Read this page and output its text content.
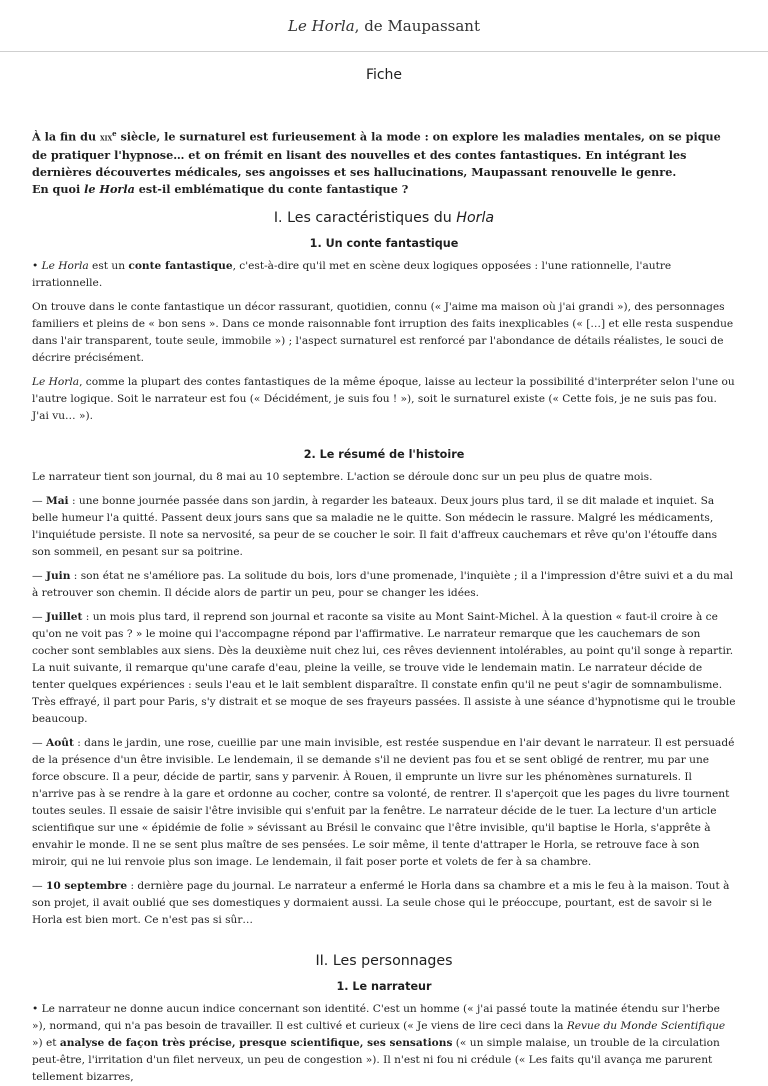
Le Horla , de Maupassant
Fiche
À la fin du xix$^e$ siècle, le surnaturel est furieusement à la mode : on explore les maladies mentales, on se pique de pratiquer l'hypnose… et on frémit en lisant des nouvelles et des contes fantastiques. En intégrant les dernières découvertes médicales, ses angoisses et ses hallucinations, Maupassant renouvelle le genre.
En quoi le Horla est-il emblématique du conte fantastique ?
I. Les caractéristiques du Horla
1. Un conte fantastique

• Le Horla est un conte fantastique, c'est-à-dire qu'il met en scène deux logiques opposées : l'une rationnelle, l'autre irrationnelle.

On trouve dans le conte fantastique un décor rassurant, quotidien, connu (« J'aime ma maison où j'ai grandi »), des personnages familiers et pleins de « bon sens ». Dans ce monde raisonnable font irruption des faits inexplicables (« […] et elle resta suspendue dans l'air transparent, toute seule, immobile ») ; l'aspect surnaturel est renforcé par l'abondance de détails réalistes, le souci de décrire précisément.

Le Horla, comme la plupart des contes fantastiques de la même époque, laisse au lecteur la possibilité d'interpréter selon l'une ou l'autre logique. Soit le narrateur est fou (« Décidément, je suis fou ! »), soit le surnaturel existe (« Cette fois, je ne suis pas fou. J'ai vu… »).

2. Le résumé de l'histoire

Le narrateur tient son journal, du 8 mai au 10 septembre. L'action se déroule donc sur un peu plus de quatre mois.

— Mai : une bonne journée passée dans son jardin, à regarder les bateaux. Deux jours plus tard, il se dit malade et inquiet. Sa belle humeur l'a quitté. Passent deux jours sans que sa maladie ne le quitte. Son médecin le rassure. Malgré les médicaments, l'inquiétude persiste. Il note sa nervosité, sa peur de se coucher le soir. Il fait d'affreux cauchemars et rêve qu'on l'étouffe dans son sommeil, en pesant sur sa poitrine.

— Juin : son état ne s'améliore pas. La solitude du bois, lors d'une promenade, l'inquiète ; il a l'impression d'être suivi et a du mal à retrouver son chemin. Il décide alors de partir un peu, pour se changer les idées.

— Juillet : un mois plus tard, il reprend son journal et raconte sa visite au Mont Saint-Michel. À la question « faut-il croire à ce qu'on ne voit pas ? » le moine qui l'accompagne répond par l'affirmative. Le narrateur remarque que les cauchemars de son cocher sont semblables aux siens. Dès la deuxième nuit chez lui, ces rêves deviennent intolérables, au point qu'il songe à repartir. La nuit suivante, il remarque qu'une carafe d'eau, pleine la veille, se trouve vide le lendemain matin. Le narrateur décide de tenter quelques expériences : seuls l'eau et le lait semblent disparaître. Il constate enfin qu'il ne peut s'agir de somnambulisme. Très effrayé, il part pour Paris, s'y distrait et se moque de ses frayeurs passées. Il assiste à une séance d'hypnotisme qui le trouble beaucoup.

— Août : dans le jardin, une rose, cueillie par une main invisible, est restée suspendue en l'air devant le narrateur. Il est persuadé de la présence d'un être invisible. Le lendemain, il se demande s'il ne devient pas fou et se sent obligé de rentrer, mu par une force obscure. Il a peur, décide de partir, sans y parvenir. À Rouen, il emprunte un livre sur les phénomènes surnaturels. Il n'arrive pas à se rendre à la gare et ordonne au cocher, contre sa volonté, de rentrer. Il s'aperçoit que les pages du livre tournent toutes seules. Il essaie de saisir l'être invisible qui s'enfuit par la fenêtre. Le narrateur décide de le tuer. La lecture d'un article scientifique sur une « épidémie de folie » sévissant au Brésil le convainc que l'être invisible, qu'il baptise le Horla, s'apprête à envahir le monde. Il ne se sent plus maître de ses pensées. Le soir même, il tente d'attraper le Horla, se retrouve face à son miroir, qui ne lui renvoie plus son image. Le lendemain, il fait poser porte et volets de fer à sa chambre.

— 10 septembre : dernière page du journal. Le narrateur a enfermé le Horla dans sa chambre et a mis le feu à la maison. Tout à son projet, il avait oublié que ses domestiques y dormaient aussi. La seule chose qui le préoccupe, pourtant, est de savoir si le Horla est bien mort. Ce n'est pas si sûr…

II. Les personnages
1. Le narrateur

• Le narrateur ne donne aucun indice concernant son identité. C'est un homme (« j'ai passé toute la matinée étendu sur l'herbe »), normand, qui n'a pas besoin de travailler. Il est cultivé et curieux (« Je viens de lire ceci dans la Revue du Monde Scientifique ») et analyse de façon très précise, presque scientifique, ses sensations (« un simple malaise, un trouble de la circulation peut-être, l'irritation d'un filet nerveux, un peu de congestion »). Il n'est ni fou ni crédule (« Les faits qu'il avança me parurent tellement bizarres,
